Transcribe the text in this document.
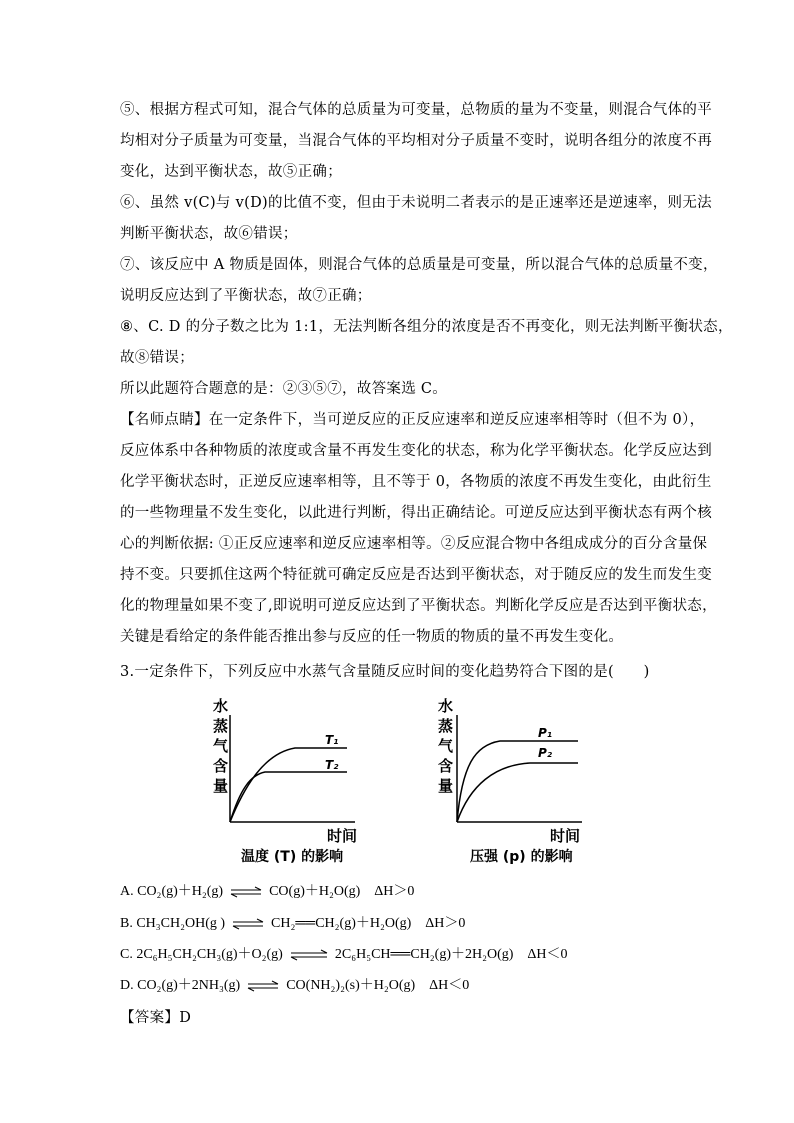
⑤、根据方程式可知，混合气体的总质量为可变量，总物质的量为不变量，则混合气体的平
均相对分子质量为可变量，当混合气体的平均相对分子质量不变时，说明各组分的浓度不再
变化，达到平衡状态，故⑤正确；
⑥、虽然 v(C)与 v(D)的比值不变，但由于未说明二者表示的是正速率还是逆速率，则无法
判断平衡状态，故⑥错误；
⑦、该反应中 A 物质是固体，则混合气体的总质量是可变量，所以混合气体的总质量不变，
说明反应达到了平衡状态，故⑦正确；
⑧、C. D 的分子数之比为 1:1，无法判断各组分的浓度是否不再变化，则无法判断平衡状态，
故⑧错误；
所以此题符合题意的是：②③⑤⑦，故答案选 C。
【名师点睛】在一定条件下，当可逆反应的正反应速率和逆反应速率相等时（但不为 0），
反应体系中各种物质的浓度或含量不再发生变化的状态，称为化学平衡状态。化学反应达到
化学平衡状态时，正逆反应速率相等，且不等于 0，各物质的浓度不再发生变化，由此衍生
的一些物理量不发生变化，以此进行判断，得出正确结论。可逆反应达到平衡状态有两个核
心的判断依据: ①正反应速率和逆反应速率相等。②反应混合物中各组成成分的百分含量保
持不变。只要抓住这两个特征就可确定反应是否达到平衡状态，对于随反应的发生而发生变
化的物理量如果不变了,即说明可逆反应达到了平衡状态。判断化学反应是否达到平衡状态，
关键是看给定的条件能否推出参与反应的任一物质的物质的量不再发生变化。
3.一定条件下，下列反应中水蒸气含量随反应时间的变化趋势符合下图的是(　　)
水
蒸
气
含
量
T₁
T₂
时间
温度 (T) 的影响
水
蒸
气
含
量
P₁
P₂
时间
压强 (p) 的影响
A. CO₂(g)＋H₂(g) ⇌ CO(g)＋H₂O(g)　ΔH＞0
B. CH₃CH₂OH(g ) ⇌ CH₂══CH₂(g)＋H₂O(g)　ΔH＞0
C. 2C₆H₅CH₂CH₃(g)＋O₂(g) ⇌ 2C₆H₅CH══CH₂(g)＋2H₂O(g)　ΔH＜0
D. CO₂(g)＋2NH₃(g) ⇌ CO(NH₂)₂(s)＋H₂O(g)　ΔH＜0
【答案】D
